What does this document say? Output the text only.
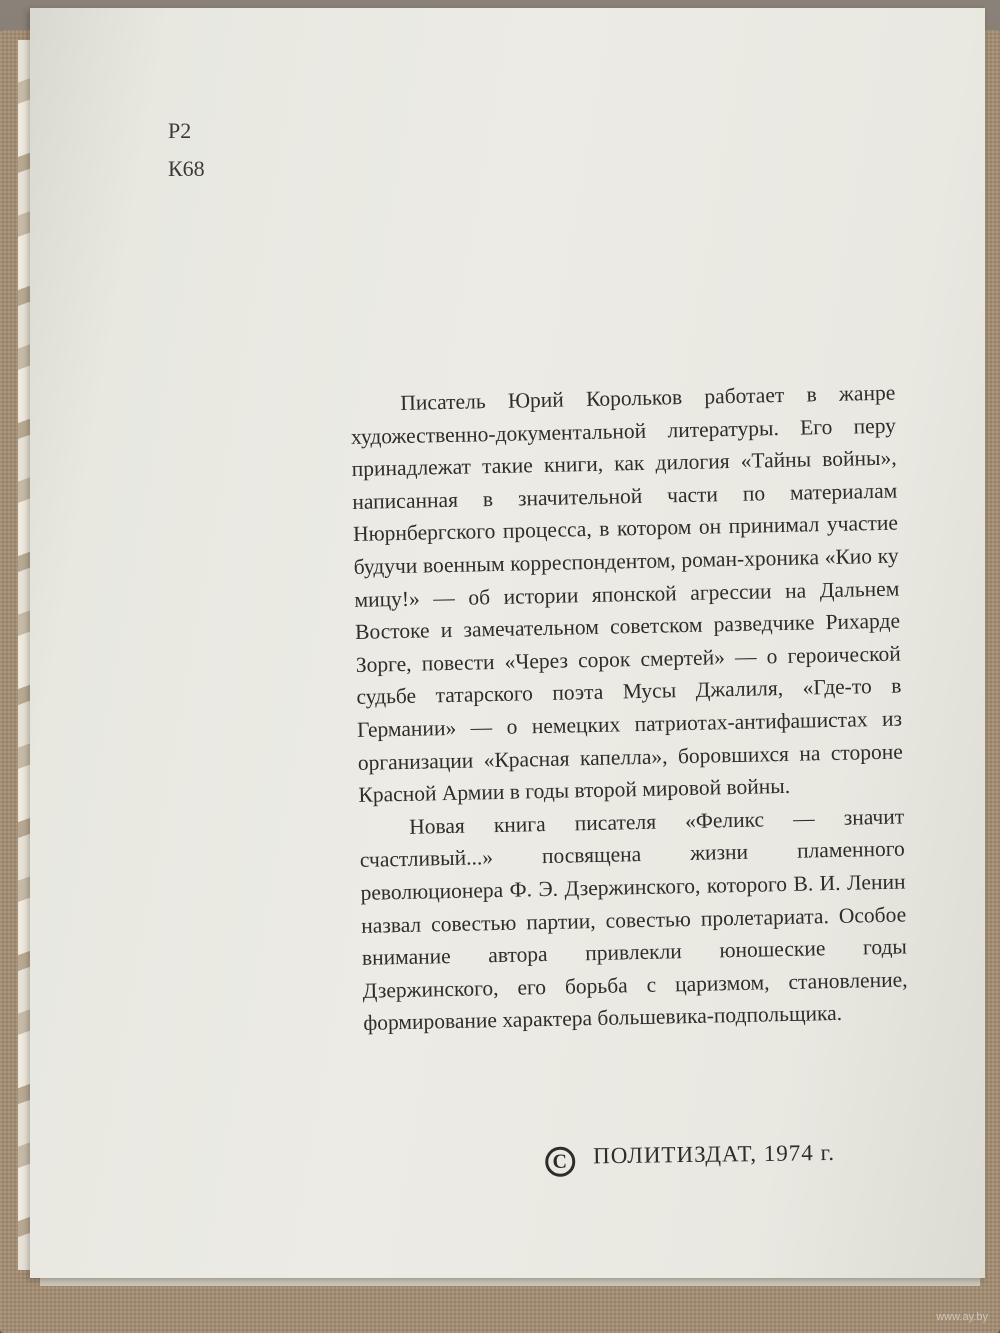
Р2
К68

Писатель Юрий Корольков работает в жанре художественно-документальной литературы. Его перу принадлежат такие книги, как дилогия «Тайны войны», написанная в значительной части по материалам Нюрнбергского процесса, в котором он принимал участие будучи военным корреспондентом, роман-хроника «Кио ку мицу!» — об истории японской агрессии на Дальнем Востоке и замечательном советском разведчике Рихарде Зорге, повести «Через сорок смертей» — о героической судьбе татарского поэта Мусы Джалиля, «Где-то в Германии» — о немецких патриотах-антифашистах из организации «Красная капелла», боровшихся на стороне Красной Армии в годы второй мировой войны.

Новая книга писателя «Феликс — значит счастливый...» посвящена жизни пламенного революционера Ф. Э. Дзержинского, которого В. И. Ленин назвал совестью партии, совестью пролетариата. Особое внимание автора привлекли юношеские годы Дзержинского, его борьба с царизмом, становление, формирование характера большевика-подпольщика.

C ПОЛИТИЗДАТ, 1974 г.
www.ay.by
